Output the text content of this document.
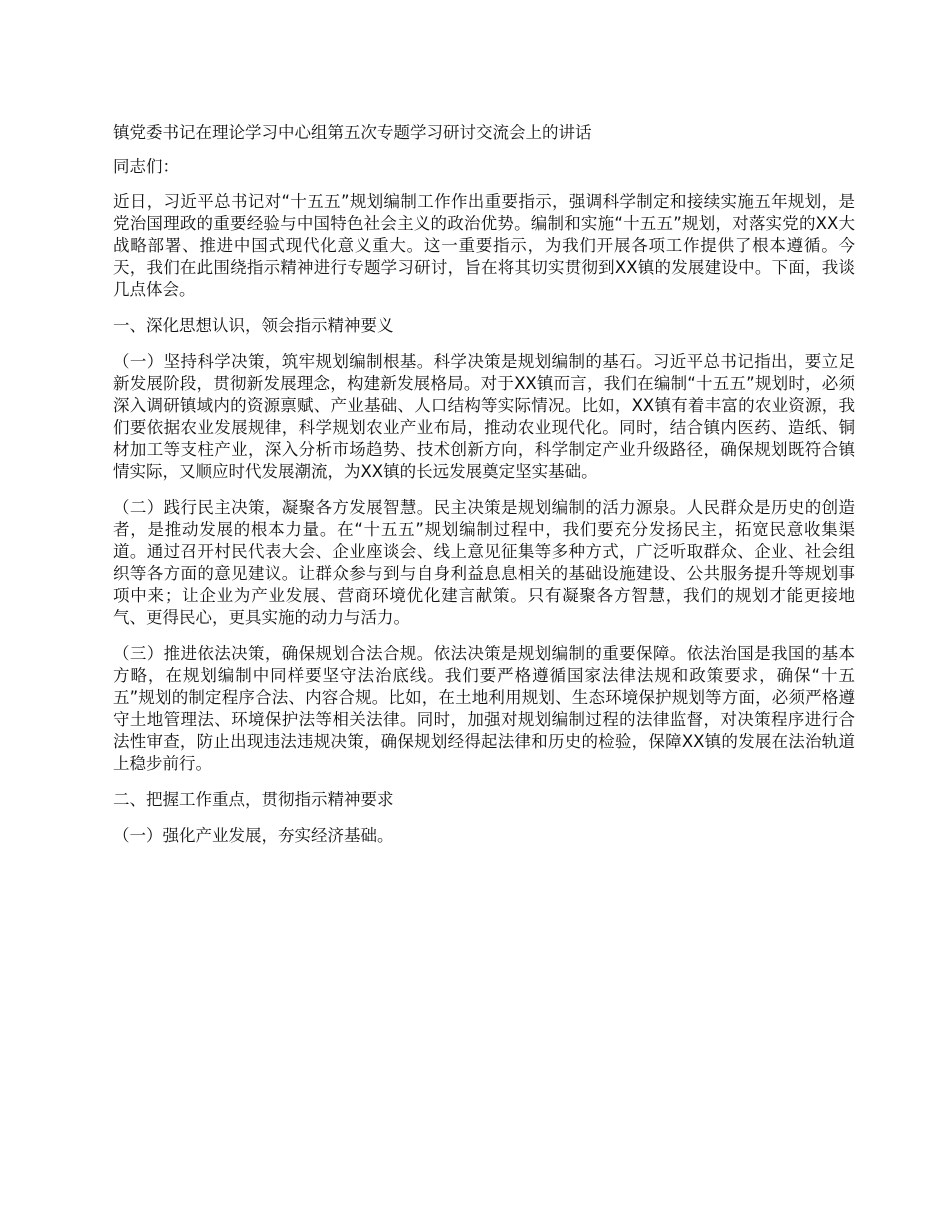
镇党委书记在理论学习中心组第五次专题学习研讨交流会上的讲话

同志们：

近日，习近平总书记对“十五五”规划编制工作作出重要指示，强调科学制定和接续实施五年规划，是党治国理政的重要经验与中国特色社会主义的政治优势。编制和实施“十五五”规划，对落实党的XX大战略部署、推进中国式现代化意义重大。这一重要指示，为我们开展各项工作提供了根本遵循。今天，我们在此围绕指示精神进行专题学习研讨，旨在将其切实贯彻到XX镇的发展建设中。下面，我谈几点体会。

一、深化思想认识，领会指示精神要义

（一）坚持科学决策，筑牢规划编制根基。科学决策是规划编制的基石。习近平总书记指出，要立足新发展阶段，贯彻新发展理念，构建新发展格局。对于XX镇而言，我们在编制“十五五”规划时，必须深入调研镇域内的资源禀赋、产业基础、人口结构等实际情况。比如，XX镇有着丰富的农业资源，我们要依据农业发展规律，科学规划农业产业布局，推动农业现代化。同时，结合镇内医药、造纸、铜材加工等支柱产业，深入分析市场趋势、技术创新方向，科学制定产业升级路径，确保规划既符合镇情实际，又顺应时代发展潮流，为XX镇的长远发展奠定坚实基础。

（二）践行民主决策，凝聚各方发展智慧。民主决策是规划编制的活力源泉。人民群众是历史的创造者，是推动发展的根本力量。在“十五五”规划编制过程中，我们要充分发扬民主，拓宽民意收集渠道。通过召开村民代表大会、企业座谈会、线上意见征集等多种方式，广泛听取群众、企业、社会组织等各方面的意见建议。让群众参与到与自身利益息息相关的基础设施建设、公共服务提升等规划事项中来；让企业为产业发展、营商环境优化建言献策。只有凝聚各方智慧，我们的规划才能更接地气、更得民心，更具实施的动力与活力。

（三）推进依法决策，确保规划合法合规。依法决策是规划编制的重要保障。依法治国是我国的基本方略，在规划编制中同样要坚守法治底线。我们要严格遵循国家法律法规和政策要求，确保“十五五”规划的制定程序合法、内容合规。比如，在土地利用规划、生态环境保护规划等方面，必须严格遵守土地管理法、环境保护法等相关法律。同时，加强对规划编制过程的法律监督，对决策程序进行合法性审查，防止出现违法违规决策，确保规划经得起法律和历史的检验，保障XX镇的发展在法治轨道上稳步前行。

二、把握工作重点，贯彻指示精神要求

（一）强化产业发展，夯实经济基础。
